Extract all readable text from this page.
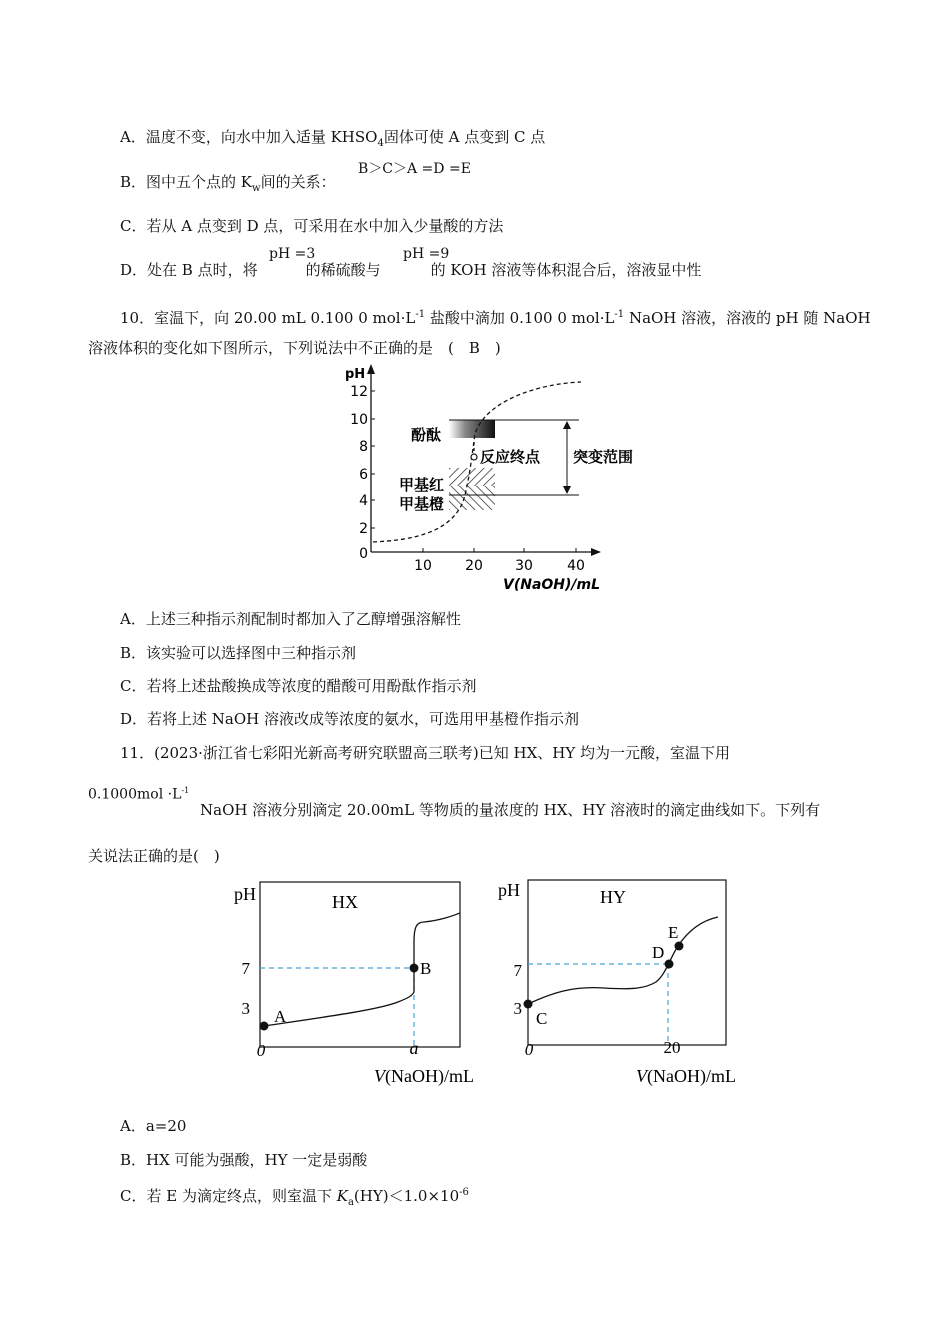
A．温度不变，向水中加入适量 $KHSO_4$固体可使 A 点变到 C 点
B．图中五个点的 $K_w$间的关系：
B＞C＞A =D =E
C．若从 A 点变到 D 点，可采用在水中加入少量酸的方法
D．处在 B 点时，将	的稀硫酸与	的 KOH 溶液等体积混合后，溶液显中性
pH =3	pH =9
10．室温下，向 20.00 mL 0.100 0 $mol\cdot L^{-1}$ 盐酸中滴加 0.100 0 $mol\cdot L^{-1}$ NaOH 溶液，溶液的 pH 随 NaOH
溶液体积的变化如下图所示，下列说法中不正确的是　(　B　)
pH
12
10
8
6
4
2
0
10 20 30 40
V(NaOH)/mL
酚酞
反应终点 突变范围
甲基红
甲基橙
A．上述三种指示剂配制时都加入了乙醇增强溶解性
B．该实验可以选择图中三种指示剂
C．若将上述盐酸换成等浓度的醋酸可用酚酞作指示剂
D．若将上述 NaOH 溶液改成等浓度的氨水，可选用甲基橙作指示剂
11．(2023·浙江省七彩阳光新高考研究联盟高三联考)已知 HX、HY 均为一元酸，室温下用
$0.1000mol \cdot L^{-1}$
NaOH 溶液分别滴定 20.00mL 等物质的量浓度的 HX、HY 溶液时的滴定曲线如下。下列有
关说法正确的是(　)
pH	HX
7
3
0	a
A
B
V(NaOH)/mL
pH	HY
7
3
0	20
C
D
E
V(NaOH)/mL
A．a=20
B．HX 可能为强酸，HY 一定是弱酸
C．若 E 为滴定终点，则室温下 $K_a(HY)<1.0\times 10^{-6}$
